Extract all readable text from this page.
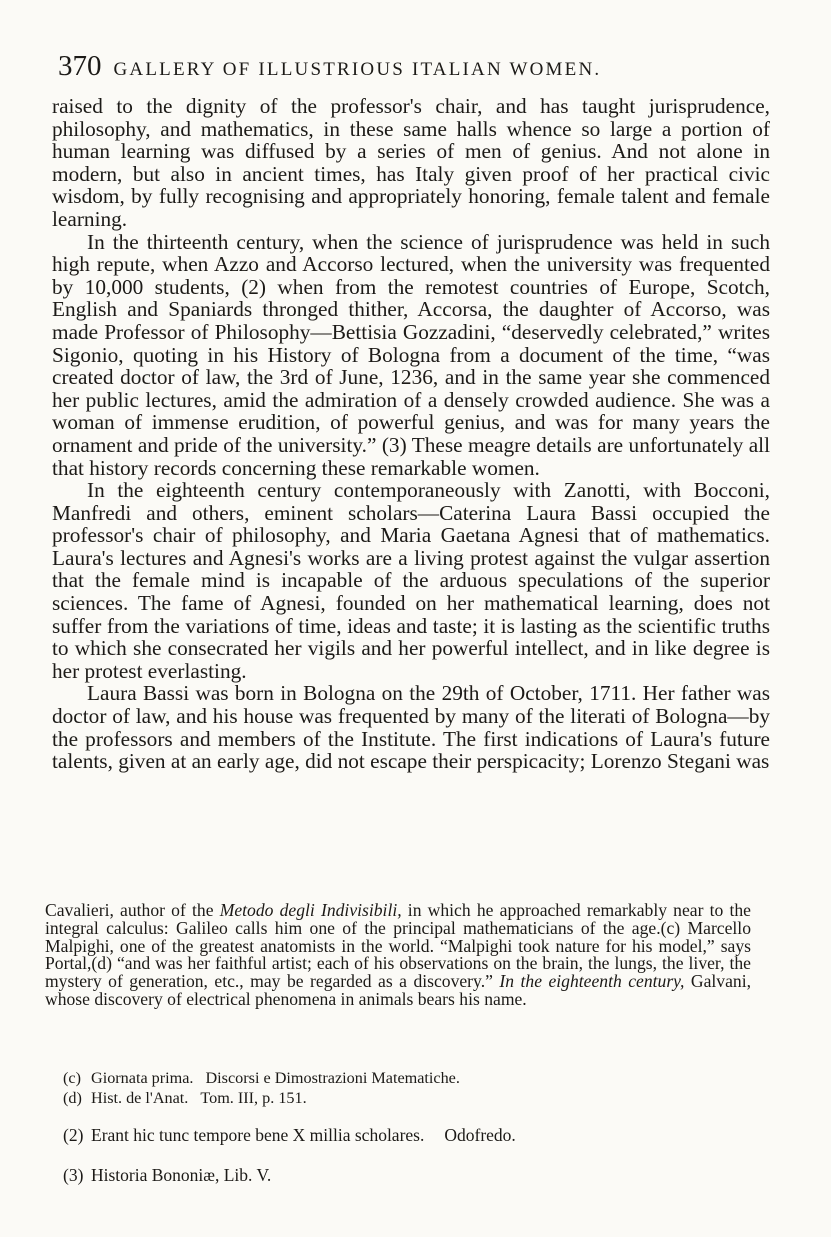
370 GALLERY OF ILLUSTRIOUS ITALIAN WOMEN.

raised to the dignity of the professor's chair, and has taught jurisprudence, philosophy, and mathematics, in these same halls whence so large a portion of human learning was diffused by a series of men of genius. And not alone in modern, but also in ancient times, has Italy given proof of her practical civic wisdom, by fully recognising and appropriately honoring, female talent and female learning.

In the thirteenth century, when the science of jurisprudence was held in such high repute, when Azzo and Accorso lectured, when the university was frequented by 10,000 students, (2) when from the remotest countries of Europe, Scotch, English and Spaniards thronged thither, Accorsa, the daughter of Accorso, was made Professor of Philosophy—Bettisia Gozzadini, “deservedly celebrated,” writes Sigonio, quoting in his History of Bologna from a document of the time, “was created doctor of law, the 3rd of June, 1236, and in the same year she commenced her public lectures, amid the admiration of a densely crowded audience. She was a woman of immense erudition, of powerful genius, and was for many years the ornament and pride of the university.” (3) These meagre details are unfortunately all that history records concerning these remarkable women.

In the eighteenth century contemporaneously with Zanotti, with Bocconi, Manfredi and others, eminent scholars—Caterina Laura Bassi occupied the professor's chair of philosophy, and Maria Gaetana Agnesi that of mathematics. Laura's lectures and Agnesi's works are a living protest against the vulgar assertion that the female mind is incapable of the arduous speculations of the superior sciences. The fame of Agnesi, founded on her mathematical learning, does not suffer from the variations of time, ideas and taste; it is lasting as the scientific truths to which she consecrated her vigils and her powerful intellect, and in like degree is her protest everlasting.

Laura Bassi was born in Bologna on the 29th of October, 1711. Her father was doctor of law, and his house was frequented by many of the literati of Bologna—by the professors and members of the Institute. The first indications of Laura's future talents, given at an early age, did not escape their perspicacity; Lorenzo Stegani was

Cavalieri, author of the Metodo degli Indivisibili, in which he approached remarkably near to the integral calculus: Galileo calls him one of the principal mathematicians of the age.(c) Marcello Malpighi, one of the greatest anatomists in the world. “Malpighi took nature for his model,” says Portal,(d) “and was her faithful artist; each of his observations on the brain, the lungs, the liver, the mystery of generation, etc., may be regarded as a discovery.” In the eighteenth century, Galvani, whose discovery of electrical phenomena in animals bears his name.

(c) Giornata prima. Discorsi e Dimostrazioni Matematiche.
(d) Hist. de l'Anat. Tom. III, p. 151.
(2) Erant hic tunc tempore bene X millia scholares. Odofredo.
(3) Historia Bononiæ, Lib. V.
